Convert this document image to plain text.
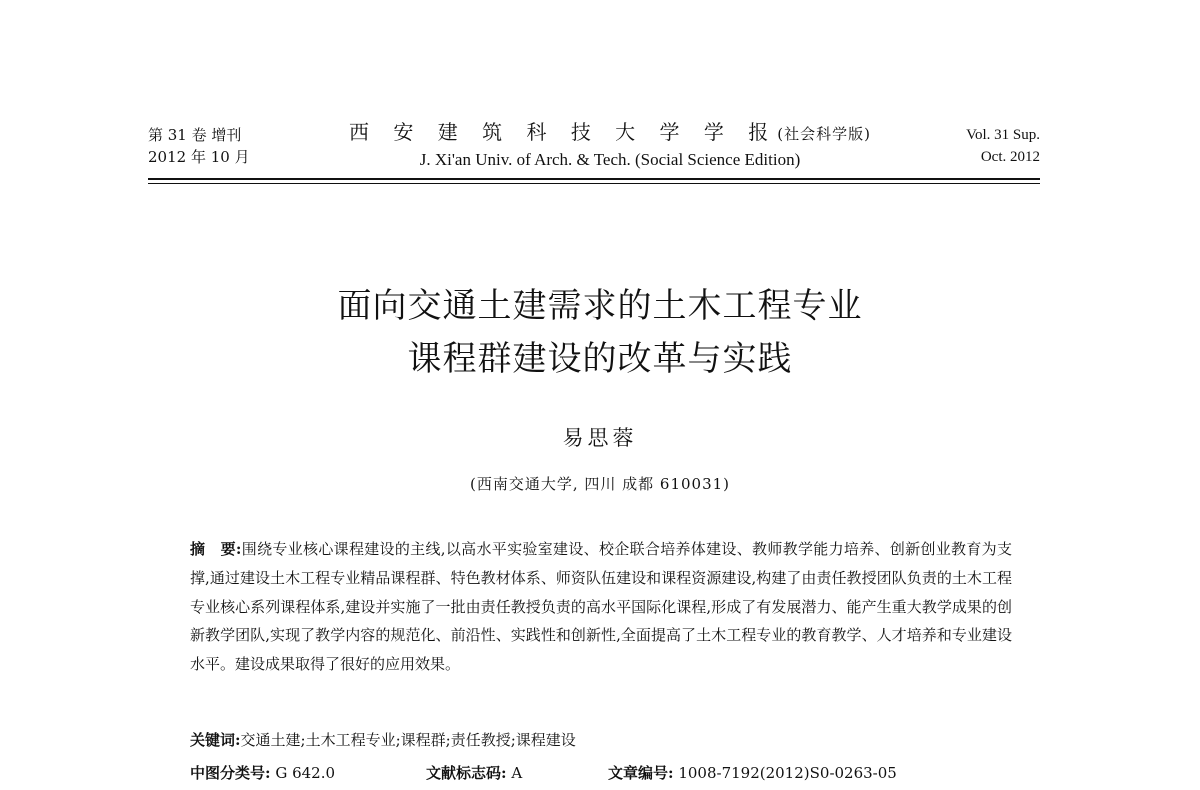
第 31 卷 增刊
2012 年 10 月
西 安 建 筑 科 技 大 学 学 报(社会科学版)
J. Xi'an Univ. of Arch. & Tech. (Social Science Edition)
Vol. 31 Sup.
Oct. 2012
面向交通土建需求的土木工程专业
课程群建设的改革与实践
易思蓉
(西南交通大学, 四川 成都 610031)
摘　要:围绕专业核心课程建设的主线,以高水平实验室建设、校企联合培养体建设、教师教学能力培养、创新创业教育为支撑,通过建设土木工程专业精品课程群、特色教材体系、师资队伍建设和课程资源建设,构建了由责任教授团队负责的土木工程专业核心系列课程体系,建设并实施了一批由责任教授负责的高水平国际化课程,形成了有发展潜力、能产生重大教学成果的创新教学团队,实现了教学内容的规范化、前沿性、实践性和创新性,全面提高了土木工程专业的教育教学、人才培养和专业建设水平。建设成果取得了很好的应用效果。
关键词:交通土建;土木工程专业;课程群;责任教授;课程建设
中图分类号: G 642.0	文献标志码: A	文章编号: 1008-7192(2012)S0-0263-05
